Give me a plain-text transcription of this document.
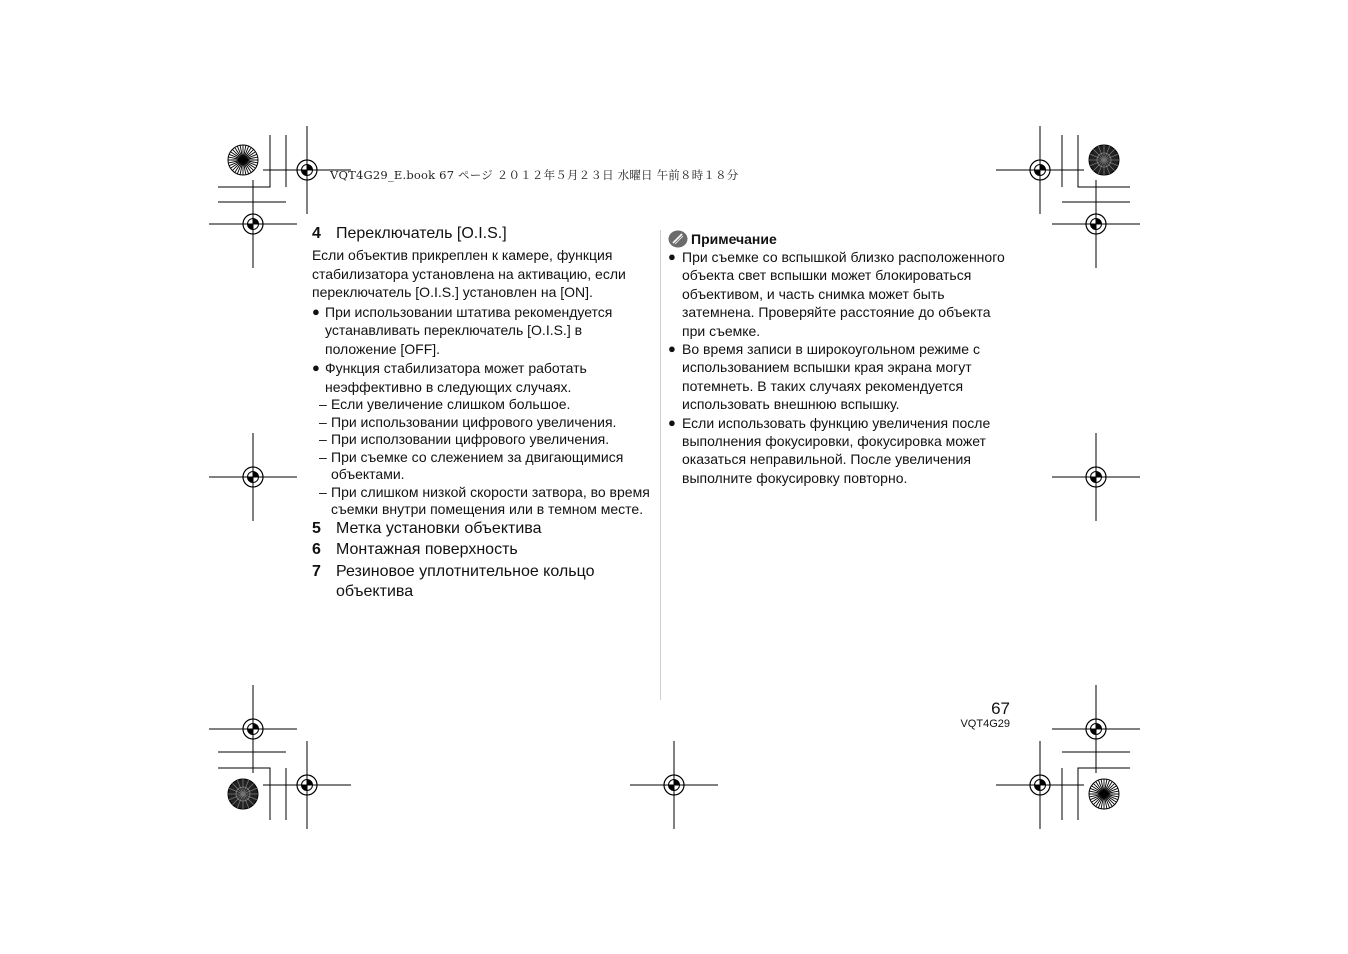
VQT4G29_E.book 67 ページ ２０１２年５月２３日 水曜日 午前８時１８分
4 Переключатель [O.I.S.]

Если объектив прикреплен к камере, функция стабилизатора установлена на активацию, если переключатель [O.I.S.] установлен на [ON].

● При использовании штатива рекомендуется устанавливать переключатель [O.I.S.] в положение [OFF].
● Функция стабилизатора может работать неэффективно в следующих случаях.
– Если увеличение слишком большое.
– При использовании цифрового увеличения.
– При исползовании цифрового увеличения.
– При съемке со слежением за двигающимися объектами.
– При слишком низкой скорости затвора, во время съемки внутри помещения или в темном месте.
5 Метка установки объектива
6 Монтажная поверхность
7 Резиновое уплотнительное кольцо объектива
Примечание
● При съемке со вспышкой близко расположенного объекта свет вспышки может блокироваться объективом, и часть снимка может быть затемнена. Проверяйте расстояние до объекта при съемке.
● Во время записи в широкоугольном режиме с использованием вспышки края экрана могут потемнеть. В таких случаях рекомендуется использовать внешнюю вспышку.
● Если использовать функцию увеличения после выполнения фокусировки, фокусировка может оказаться неправильной. После увеличения выполните фокусировку повторно.
67
VQT4G29
